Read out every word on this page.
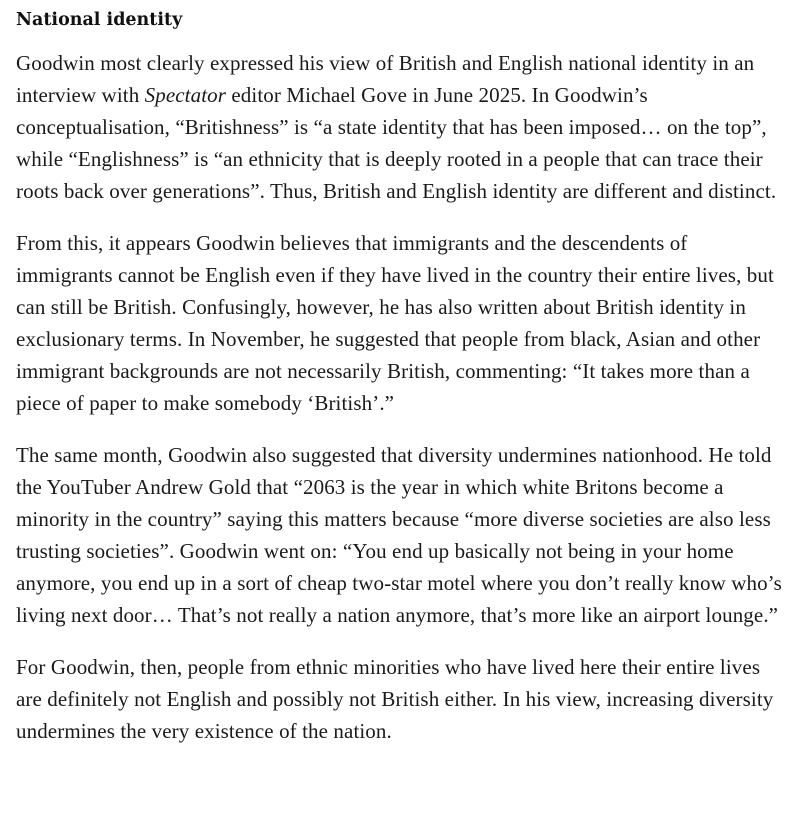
National identity

Goodwin most clearly expressed his view of British and English national identity in an interview with Spectator editor Michael Gove in June 2025. In Goodwin’s conceptualisation, “Britishness” is “a state identity that has been imposed… on the top”, while “Englishness” is “an ethnicity that is deeply rooted in a people that can trace their roots back over generations”. Thus, British and English identity are different and distinct.

From this, it appears Goodwin believes that immigrants and the descendents of immigrants cannot be English even if they have lived in the country their entire lives, but can still be British. Confusingly, however, he has also written about British identity in exclusionary terms. In November, he suggested that people from black, Asian and other immigrant backgrounds are not necessarily British, commenting: “It takes more than a piece of paper to make somebody ‘British’.”

The same month, Goodwin also suggested that diversity undermines nationhood. He told the YouTuber Andrew Gold that “2063 is the year in which white Britons become a minority in the country” saying this matters because “more diverse societies are also less trusting societies”. Goodwin went on: “You end up basically not being in your home anymore, you end up in a sort of cheap two-star motel where you don’t really know who’s living next door… That’s not really a nation anymore, that’s more like an airport lounge.”

For Goodwin, then, people from ethnic minorities who have lived here their entire lives are definitely not English and possibly not British either. In his view, increasing diversity undermines the very existence of the nation.
